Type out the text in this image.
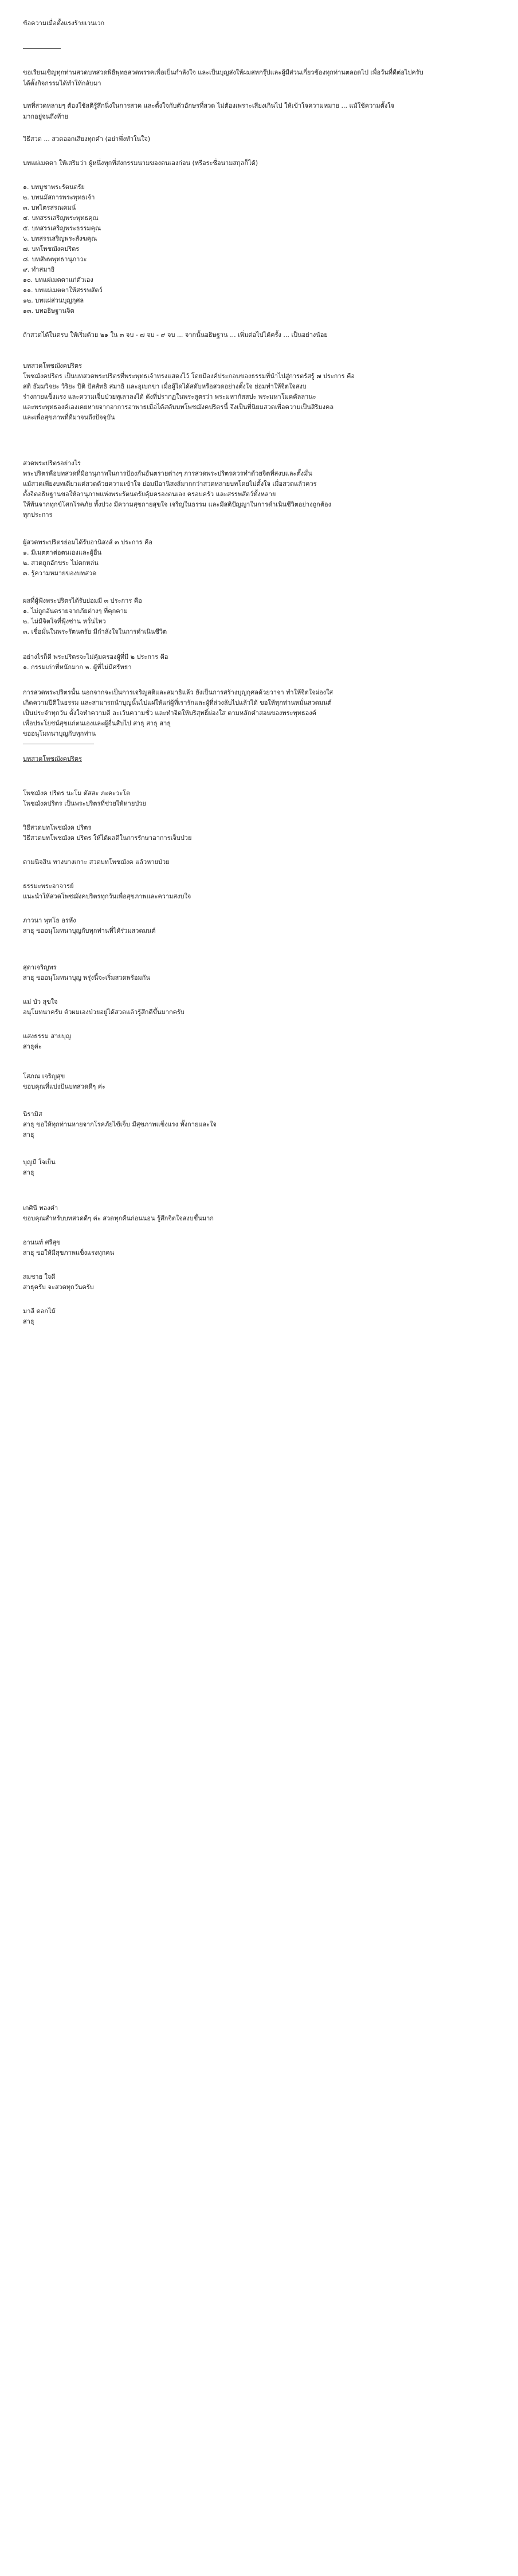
ข้อความเมื่อตั้งแรงร้ายเวนเวก
ขอเรียนเชิญทุกท่านสวดบทสวดพิธีพุทธสวดพรรคเพื่อเป็นกำลังใจ และเป็นบุญส่งให้ผมสหกรุ๊ปและผู้มีส่วนเกี่ยวข้องทุกท่านตลอดไป เพื่อวันที่ดีต่อไปครับ
ได้ตั้งกิจกรรมได้ทำให้กลับมา
บทที่สวดหลายๆ ต้องใช้สติรู้สึกนิ่งในการสวด และตั้งใจกับตัวอักษรที่สวด ไม่ต้องเพราะเสียงเกินไป ให้เข้าใจความหมาย ... แม้ใช้ความตั้งใจ
มากอยู่จนถึงท้าย
วิธีสวด ... สวดออกเสียงทุกคำ (อย่าพึ่งทำในใจ)
บทแผ่เมตตา ให้เสริมว่า ผู้หนึ่งทุกที่ส่งกรรมนามของตนเองก่อน (หรือระชื่อนามสกุลก็ได้)
๑. บทบูชาพระรัตนตรัย
๒. บทนมัสการพระพุทธเจ้า
๓. บทไตรสรณคมน์
๔. บทสรรเสริญพระพุทธคุณ
๕. บทสรรเสริญพระธรรมคุณ
๖. บทสรรเสริญพระสังฆคุณ
๗. บทโพชฌังคปริตร
๘. บทสัพพพุทธานุภาวะ
๙. ทำสมาธิ
๑๐. บทแผ่เมตตาแก่ตัวเอง
๑๑. บทแผ่เมตตาให้สรรพสัตว์
๑๒. บทแผ่ส่วนบุญกุศล
๑๓. บทอธิษฐานจิต
ถ้าสวดได้ในตรบ ให้เริ่มด้วย ๒๑ ใน ๓ จบ - ๗ จบ - ๙ จบ ... จากนั้นอธิษฐาน ... เพิ่มต่อไปได้ครั้ง ... เป็นอย่างน้อย
บทสวดโพชฌังคปริตร
โพชฌังคปริตร เป็นบทสวดพระปริตรที่พระพุทธเจ้าทรงแสดงไว้ โดยมีองค์ประกอบของธรรมที่นำไปสู่การตรัสรู้ ๗ ประการ คือ
สติ ธัมมวิจยะ วิริยะ ปีติ ปัสสัทธิ สมาธิ และอุเบกขา เมื่อผู้ใดได้สดับหรือสวดอย่างตั้งใจ ย่อมทำให้จิตใจสงบ
ร่างกายแข็งแรง และความเจ็บป่วยทุเลาลงได้ ดังที่ปรากฏในพระสูตรว่า พระมหากัสสปะ พระมหาโมคคัลลานะ
และพระพุทธองค์เองเคยหายจากอาการอาพาธเมื่อได้สดับบทโพชฌังคปริตรนี้ จึงเป็นที่นิยมสวดเพื่อความเป็นสิริมงคล
และเพื่อสุขภาพที่ดีมาจนถึงปัจจุบัน
สวดพระปริตรอย่างไร
พระปริตรคือบทสวดที่มีอานุภาพในการป้องกันอันตรายต่างๆ การสวดพระปริตรควรทำด้วยจิตที่สงบและตั้งมั่น
แม้สวดเพียงบทเดียวแต่สวดด้วยความเข้าใจ ย่อมมีอานิสงส์มากกว่าสวดหลายบทโดยไม่ตั้งใจ เมื่อสวดแล้วควร
ตั้งจิตอธิษฐานขอให้อานุภาพแห่งพระรัตนตรัยคุ้มครองตนเอง ครอบครัว และสรรพสัตว์ทั้งหลาย
ให้พ้นจากทุกข์โศกโรคภัย ทั้งปวง มีความสุขกายสุขใจ เจริญในธรรม และมีสติปัญญาในการดำเนินชีวิตอย่างถูกต้อง
ทุกประการ
ผู้สวดพระปริตรย่อมได้รับอานิสงส์ ๓ ประการ คือ
๑. มีเมตตาต่อตนเองและผู้อื่น
๒. สวดถูกอักขระ ไม่ตกหล่น
๓. รู้ความหมายของบทสวด
ผลที่ผู้ฟังพระปริตรได้รับย่อมมี ๓ ประการ คือ
๑. ไม่ถูกอันตรายจากภัยต่างๆ ที่คุกคาม
๒. ไม่มีจิตใจที่ฟุ้งซ่าน หวั่นไหว
๓. เชื่อมั่นในพระรัตนตรัย มีกำลังใจในการดำเนินชีวิต
อย่างไรก็ดี พระปริตรจะไม่คุ้มครองผู้ที่มี ๒ ประการ คือ
๑. กรรมเก่าที่หนักมาก ๒. ผู้ที่ไม่มีศรัทธา
การสวดพระปริตรนั้น นอกจากจะเป็นการเจริญสติและสมาธิแล้ว ยังเป็นการสร้างบุญกุศลด้วยวาจา ทำให้จิตใจผ่องใส
เกิดความปีติในธรรม และสามารถนำบุญนั้นไปแผ่ให้แก่ผู้ที่เรารักและผู้ที่ล่วงลับไปแล้วได้ ขอให้ทุกท่านหมั่นสวดมนต์
เป็นประจำทุกวัน ตั้งใจทำความดี ละเว้นความชั่ว และทำจิตให้บริสุทธิ์ผ่องใส ตามหลักคำสอนของพระพุทธองค์
เพื่อประโยชน์สุขแก่ตนเองและผู้อื่นสืบไป สาธุ สาธุ สาธุ
ขออนุโมทนาบุญกับทุกท่าน
บทสวดโพชฌังคปริตร
โพชฌังค ปริตร นะโม ตัสสะ ภะคะวะโต
โพชฌังคปริตร เป็นพระปริตรที่ช่วยให้หายป่วย
วิธีสวดบทโพชฌังค ปริตร
วิธีสวดบทโพชฌังค ปริตร ให้ได้ผลดีในการรักษาอาการเจ็บป่วย
ตามนิจสิน ทางบางเกาะ สวดบทโพชฌังค แล้วหายป่วย
ธรรมะพระอาจารย์
แนะนำให้สวดโพชฌังคปริตรทุกวันเพื่อสุขภาพและความสงบใจ
ภาวนา พุทโธ อรหัง
สาธุ ขออนุโมทนาบุญกับทุกท่านที่ได้ร่วมสวดมนต์
สุดาเจริญพร
สาธุ ขออนุโมทนาบุญ พรุ่งนี้จะเริ่มสวดพร้อมกัน
แม่ บัว สุขใจ
อนุโมทนาครับ ตัวผมเองป่วยอยู่ได้สวดแล้วรู้สึกดีขึ้นมากครับ
แสงธรรม สายบุญ
สาธุค่ะ
โสภณ เจริญสุข
ขอบคุณที่แบ่งปันบทสวดดีๆ ค่ะ
นิรามิส
สาธุ ขอให้ทุกท่านหายจากโรคภัยไข้เจ็บ มีสุขภาพแข็งแรง ทั้งกายและใจ
สาธุ
บุญมี ใจเย็น
สาธุ
เกศินี ทองคำ
ขอบคุณสำหรับบทสวดดีๆ ค่ะ สวดทุกคืนก่อนนอน รู้สึกจิตใจสงบขึ้นมาก
อานนท์ ศรีสุข
สาธุ ขอให้มีสุขภาพแข็งแรงทุกคน
สมชาย ใจดี
สาธุครับ จะสวดทุกวันครับ
มาลี ดอกไม้
สาธุ
